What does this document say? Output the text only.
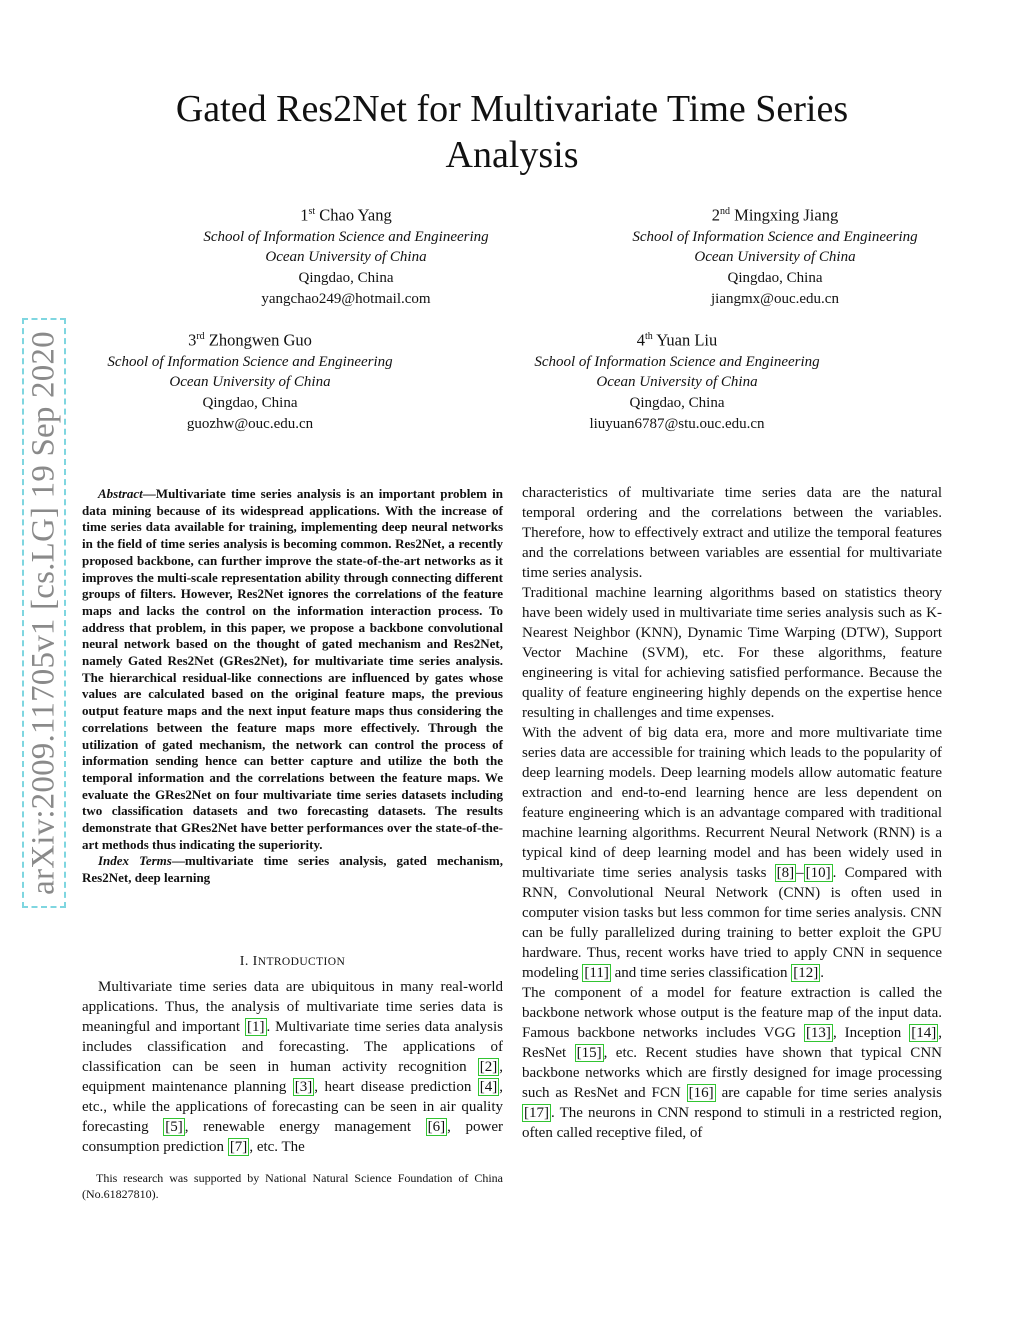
arXiv:2009.11705v1 [cs.LG] 19 Sep 2020
Gated Res2Net for Multivariate Time Series
Analysis
1st Chao Yang
School of Information Science and Engineering
Ocean University of China
Qingdao, China
yangchao249@hotmail.com
2nd Mingxing Jiang
School of Information Science and Engineering
Ocean University of China
Qingdao, China
jiangmx@ouc.edu.cn
3rd Zhongwen Guo
School of Information Science and Engineering
Ocean University of China
Qingdao, China
guozhw@ouc.edu.cn
4th Yuan Liu
School of Information Science and Engineering
Ocean University of China
Qingdao, China
liuyuan6787@stu.ouc.edu.cn

Abstract—Multivariate time series analysis is an important problem in data mining because of its widespread applications. With the increase of time series data available for training, implementing deep neural networks in the field of time series analysis is becoming common. Res2Net, a recently proposed backbone, can further improve the state-of-the-art networks as it improves the multi-scale representation ability through connecting different groups of filters. However, Res2Net ignores the correlations of the feature maps and lacks the control on the information interaction process. To address that problem, in this paper, we propose a backbone convolutional neural network based on the thought of gated mechanism and Res2Net, namely Gated Res2Net (GRes2Net), for multivariate time series analysis. The hierarchical residual-like connections are influenced by gates whose values are calculated based on the original feature maps, the previous output feature maps and the next input feature maps thus considering the correlations between the feature maps more effectively. Through the utilization of gated mechanism, the network can control the process of information sending hence can better capture and utilize the both the temporal information and the correlations between the feature maps. We evaluate the GRes2Net on four multivariate time series datasets including two classification datasets and two forecasting datasets. The results demonstrate that GRes2Net have better performances over the state-of-the-art methods thus indicating the superiority.

Index Terms—multivariate time series analysis, gated mechanism, Res2Net, deep learning

I. INTRODUCTION

Multivariate time series data are ubiquitous in many real-world applications. Thus, the analysis of multivariate time series data is meaningful and important [1] . Multivariate time series data analysis includes classification and forecasting. The applications of classification can be seen in human activity recognition [2] , equipment maintenance planning [3] , heart disease prediction [4] , etc., while the applications of forecasting can be seen in air quality forecasting [5] , renewable energy management [6] , power consumption prediction [7] , etc. The

This research was supported by National Natural Science Foundation of China (No.61827810).

characteristics of multivariate time series data are the natural temporal ordering and the correlations between the variables. Therefore, how to effectively extract and utilize the temporal features and the correlations between variables are essential for multivariate time series analysis.

Traditional machine learning algorithms based on statistics theory have been widely used in multivariate time series analysis such as K- Nearest Neighbor (KNN), Dynamic Time Warping (DTW), Support Vector Machine (SVM), etc. For these algorithms, feature engineering is vital for achieving satisfied performance. Because the quality of feature engineering highly depends on the expertise hence resulting in challenges and time expenses.

With the advent of big data era, more and more multivariate time series data are accessible for training which leads to the popularity of deep learning models. Deep learning models allow automatic feature extraction and end-to-end learning hence are less dependent on feature engineering which is an advantage compared with traditional machine learning algorithms. Recurrent Neural Network (RNN) is a typical kind of deep learning model and has been widely used in multivariate time series analysis tasks [8] – [10] . Compared with RNN, Convolutional Neural Network (CNN) is often used in computer vision tasks but less common for time series analysis. CNN can be fully parallelized during training to better exploit the GPU hardware. Thus, recent works have tried to apply CNN in sequence modeling [11] and time series classification [12] .

The component of a model for feature extraction is called the backbone network whose output is the feature map of the input data. Famous backbone networks includes VGG [13] , Inception [14] , ResNet [15] , etc. Recent studies have shown that typical CNN backbone networks which are firstly designed for image processing such as ResNet and FCN [16] are capable for time series analysis [17] . The neurons in CNN respond to stimuli in a restricted region, often called receptive filed, of
